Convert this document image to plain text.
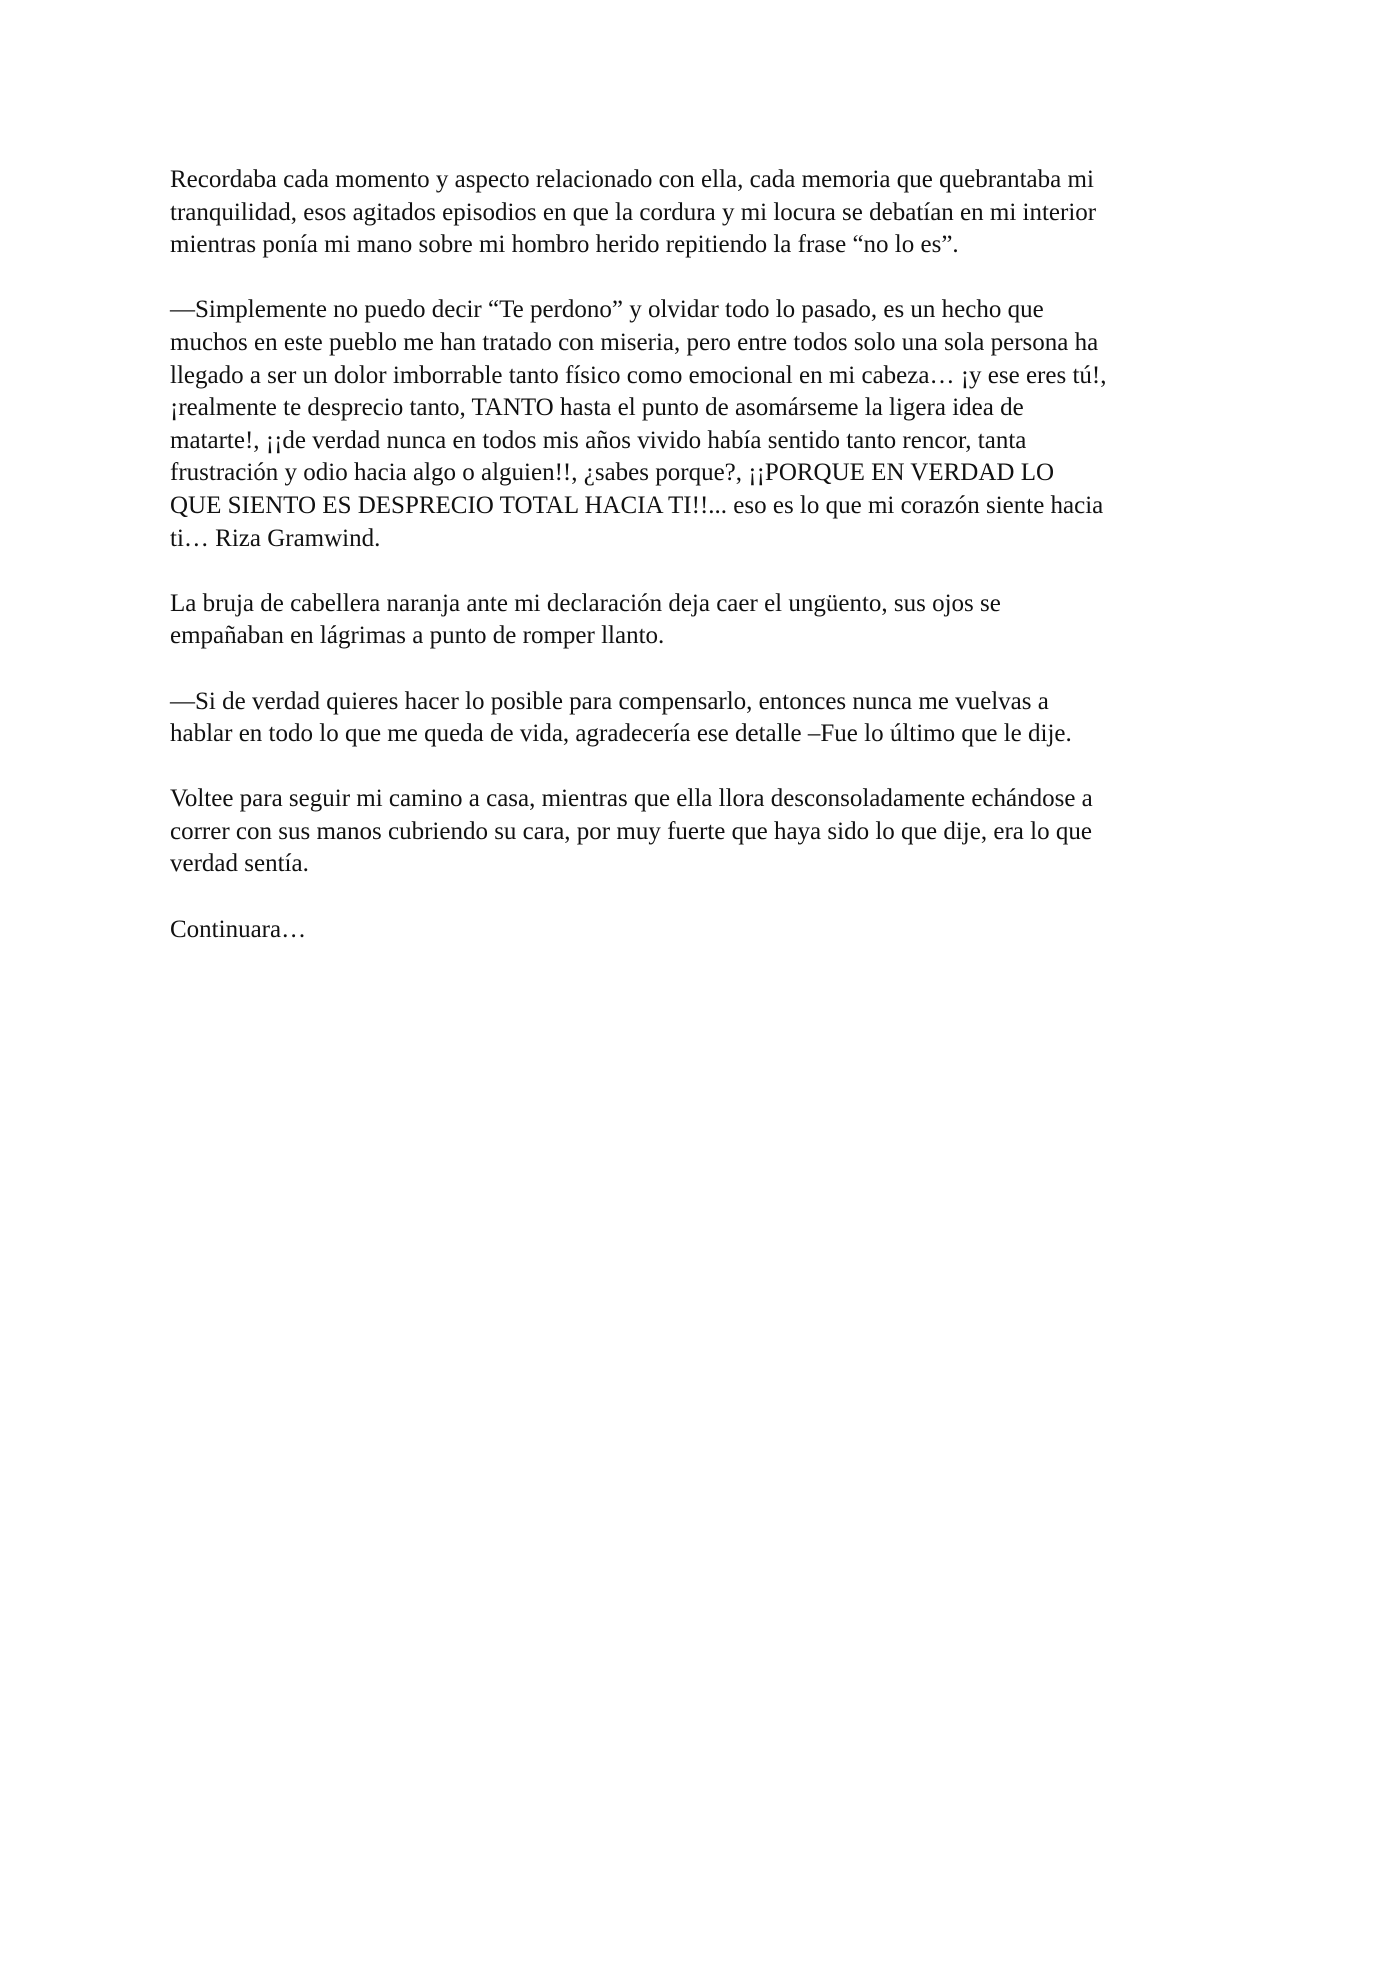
Recordaba cada momento y aspecto relacionado con ella, cada memoria que quebrantaba mi
tranquilidad, esos agitados episodios en que la cordura y mi locura se debatían en mi interior
mientras ponía mi mano sobre mi hombro herido repitiendo la frase “no lo es”.

—Simplemente no puedo decir “Te perdono” y olvidar todo lo pasado, es un hecho que
muchos en este pueblo me han tratado con miseria, pero entre todos solo una sola persona ha
llegado a ser un dolor imborrable tanto físico como emocional en mi cabeza… ¡y ese eres tú!,
¡realmente te desprecio tanto, TANTO hasta el punto de asomárseme la ligera idea de
matarte!, ¡¡de verdad nunca en todos mis años vivido había sentido tanto rencor, tanta
frustración y odio hacia algo o alguien!!, ¿sabes porque?, ¡¡PORQUE EN VERDAD LO
QUE SIENTO ES DESPRECIO TOTAL HACIA TI!!... eso es lo que mi corazón siente hacia
ti… Riza Gramwind.

La bruja de cabellera naranja ante mi declaración deja caer el ungüento, sus ojos se
empañaban en lágrimas a punto de romper llanto.

—Si de verdad quieres hacer lo posible para compensarlo, entonces nunca me vuelvas a
hablar en todo lo que me queda de vida, agradecería ese detalle –Fue lo último que le dije.

Voltee para seguir mi camino a casa, mientras que ella llora desconsoladamente echándose a
correr con sus manos cubriendo su cara, por muy fuerte que haya sido lo que dije, era lo que
verdad sentía.

Continuara…
